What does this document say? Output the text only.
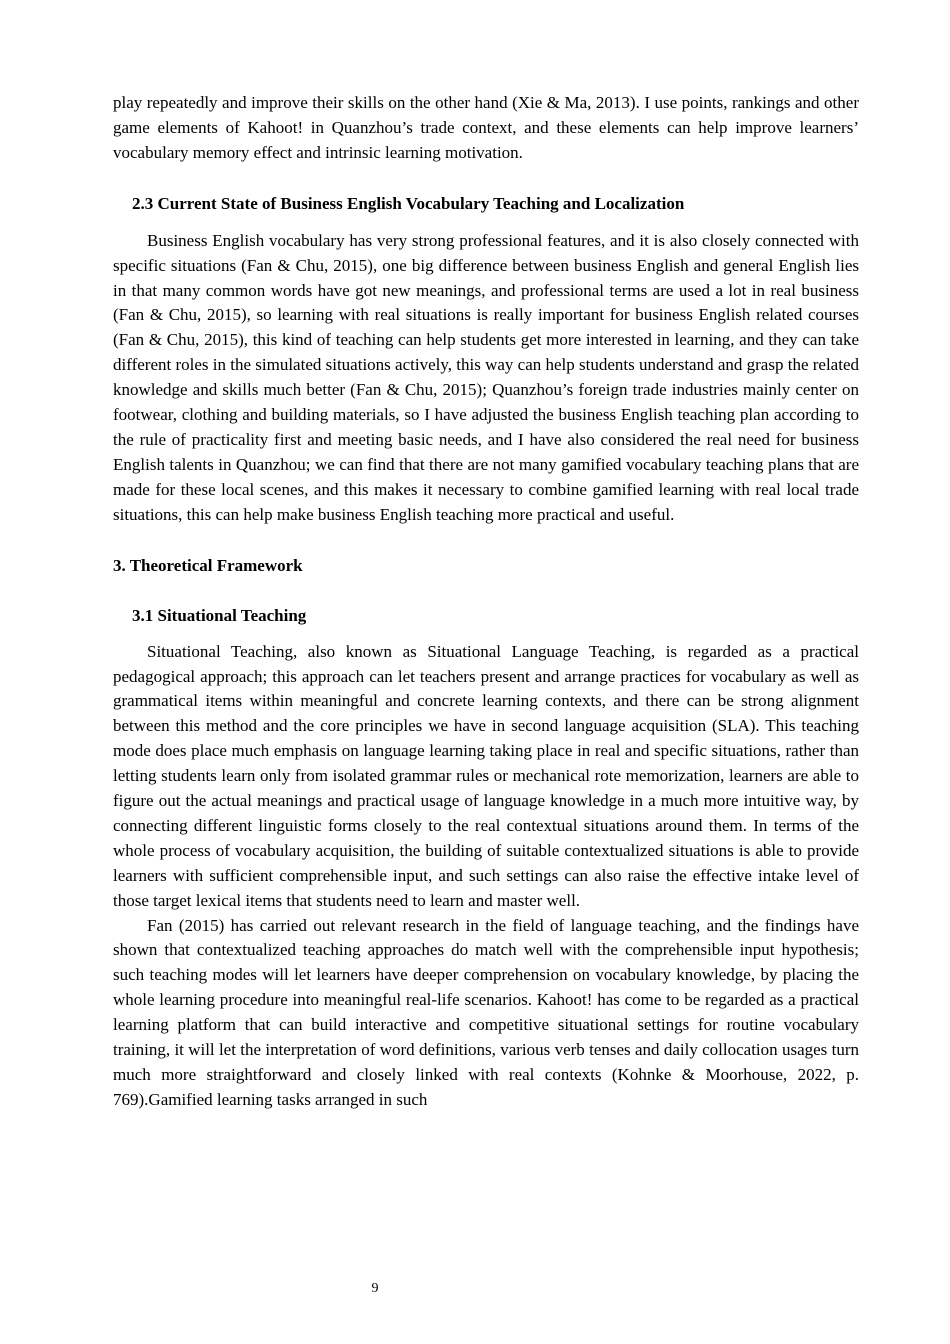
play repeatedly and improve their skills on the other hand (Xie & Ma, 2013). I use points, rankings and other game elements of Kahoot! in Quanzhou’s trade context, and these elements can help improve learners’ vocabulary memory effect and intrinsic learning motivation.

2.3 Current State of Business English Vocabulary Teaching and Localization

Business English vocabulary has very strong professional features, and it is also closely connected with specific situations (Fan & Chu, 2015), one big difference between business English and general English lies in that many common words have got new meanings, and professional terms are used a lot in real business (Fan & Chu, 2015), so learning with real situations is really important for business English related courses (Fan & Chu, 2015), this kind of teaching can help students get more interested in learning, and they can take different roles in the simulated situations actively, this way can help students understand and grasp the related knowledge and skills much better (Fan & Chu, 2015); Quanzhou’s foreign trade industries mainly center on footwear, clothing and building materials, so I have adjusted the business English teaching plan according to the rule of practicality first and meeting basic needs, and I have also considered the real need for business English talents in Quanzhou; we can find that there are not many gamified vocabulary teaching plans that are made for these local scenes, and this makes it necessary to combine gamified learning with real local trade situations, this can help make business English teaching more practical and useful.

3. Theoretical Framework

3.1 Situational Teaching

Situational Teaching, also known as Situational Language Teaching, is regarded as a practical pedagogical approach; this approach can let teachers present and arrange practices for vocabulary as well as grammatical items within meaningful and concrete learning contexts, and there can be strong alignment between this method and the core principles we have in second language acquisition (SLA). This teaching mode does place much emphasis on language learning taking place in real and specific situations, rather than letting students learn only from isolated grammar rules or mechanical rote memorization, learners are able to figure out the actual meanings and practical usage of language knowledge in a much more intuitive way, by connecting different linguistic forms closely to the real contextual situations around them. In terms of the whole process of vocabulary acquisition, the building of suitable contextualized situations is able to provide learners with sufficient comprehensible input, and such settings can also raise the effective intake level of those target lexical items that students need to learn and master well.

Fan (2015) has carried out relevant research in the field of language teaching, and the findings have shown that contextualized teaching approaches do match well with the comprehensible input hypothesis; such teaching modes will let learners have deeper comprehension on vocabulary knowledge, by placing the whole learning procedure into meaningful real-life scenarios. Kahoot! has come to be regarded as a practical learning platform that can build interactive and competitive situational settings for routine vocabulary training, it will let the interpretation of word definitions, various verb tenses and daily collocation usages turn much more straightforward and closely linked with real contexts (Kohnke & Moorhouse, 2022, p. 769).Gamified learning tasks arranged in such

9
